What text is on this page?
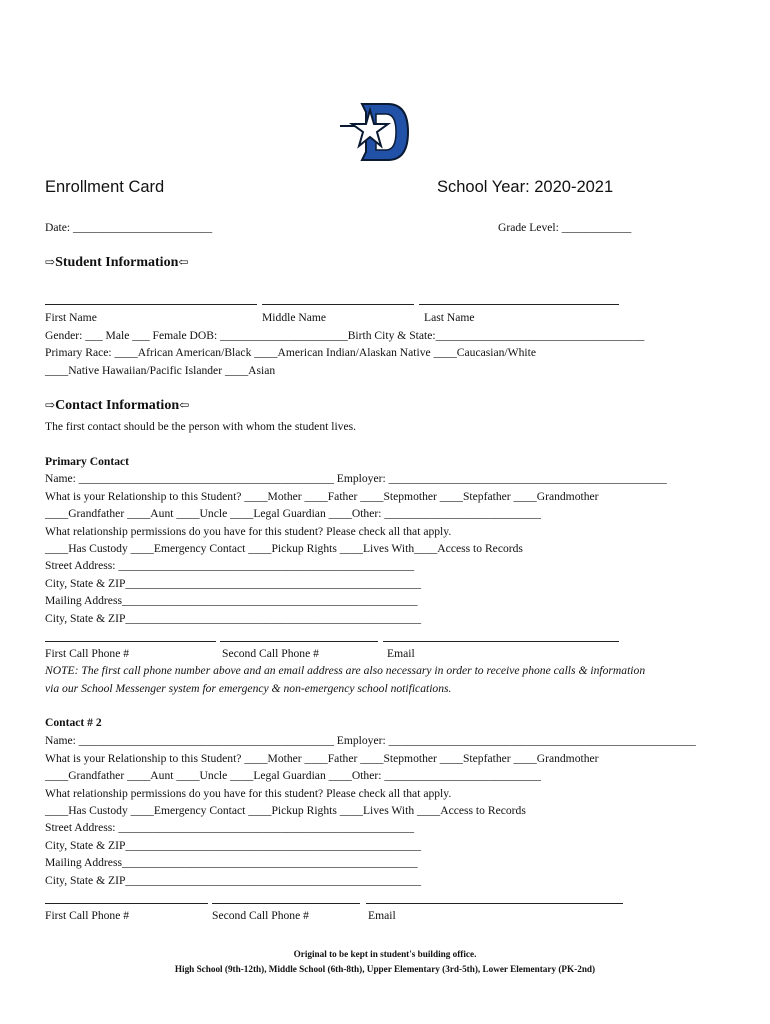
Enrollment Card	School Year: 2020-2021
Date: ________________________	Grade Level: ____________
⇨Student Information⇦
First Name	Middle Name	Last Name
Gender: ___ Male ___ Female DOB: ______________________Birth City & State:____________________________________
Primary Race: ____African American/Black ____American Indian/Alaskan Native ____Caucasian/White
____Native Hawaiian/Pacific Islander ____Asian
⇨Contact Information⇦
The first contact should be the person with whom the student lives.
Primary Contact
Name: ____________________________________________ Employer: ________________________________________________
What is your Relationship to this Student? ____Mother ____Father ____Stepmother ____Stepfather ____Grandmother
____Grandfather ____Aunt ____Uncle ____Legal Guardian ____Other: ___________________________
What relationship permissions do you have for this student? Please check all that apply.
____Has Custody ____Emergency Contact ____Pickup Rights ____Lives With____Access to Records
Street Address: ___________________________________________________
City, State & ZIP___________________________________________________
Mailing Address___________________________________________________
City, State & ZIP___________________________________________________
First Call Phone #	Second Call Phone #	Email
NOTE: The first call phone number above and an email address are also necessary in order to receive phone calls & information
via our School Messenger system for emergency & non-emergency school notifications.
Contact # 2
Name: ____________________________________________ Employer: _____________________________________________________
What is your Relationship to this Student? ____Mother ____Father ____Stepmother ____Stepfather ____Grandmother
____Grandfather ____Aunt ____Uncle ____Legal Guardian ____Other: ___________________________
What relationship permissions do you have for this student? Please check all that apply.
____Has Custody ____Emergency Contact ____Pickup Rights ____Lives With ____Access to Records
Street Address: ___________________________________________________
City, State & ZIP___________________________________________________
Mailing Address___________________________________________________
City, State & ZIP___________________________________________________
First Call Phone #	Second Call Phone #	Email
Original to be kept in student's building office.
High School (9th-12th), Middle School (6th-8th), Upper Elementary (3rd-5th), Lower Elementary (PK-2nd)
